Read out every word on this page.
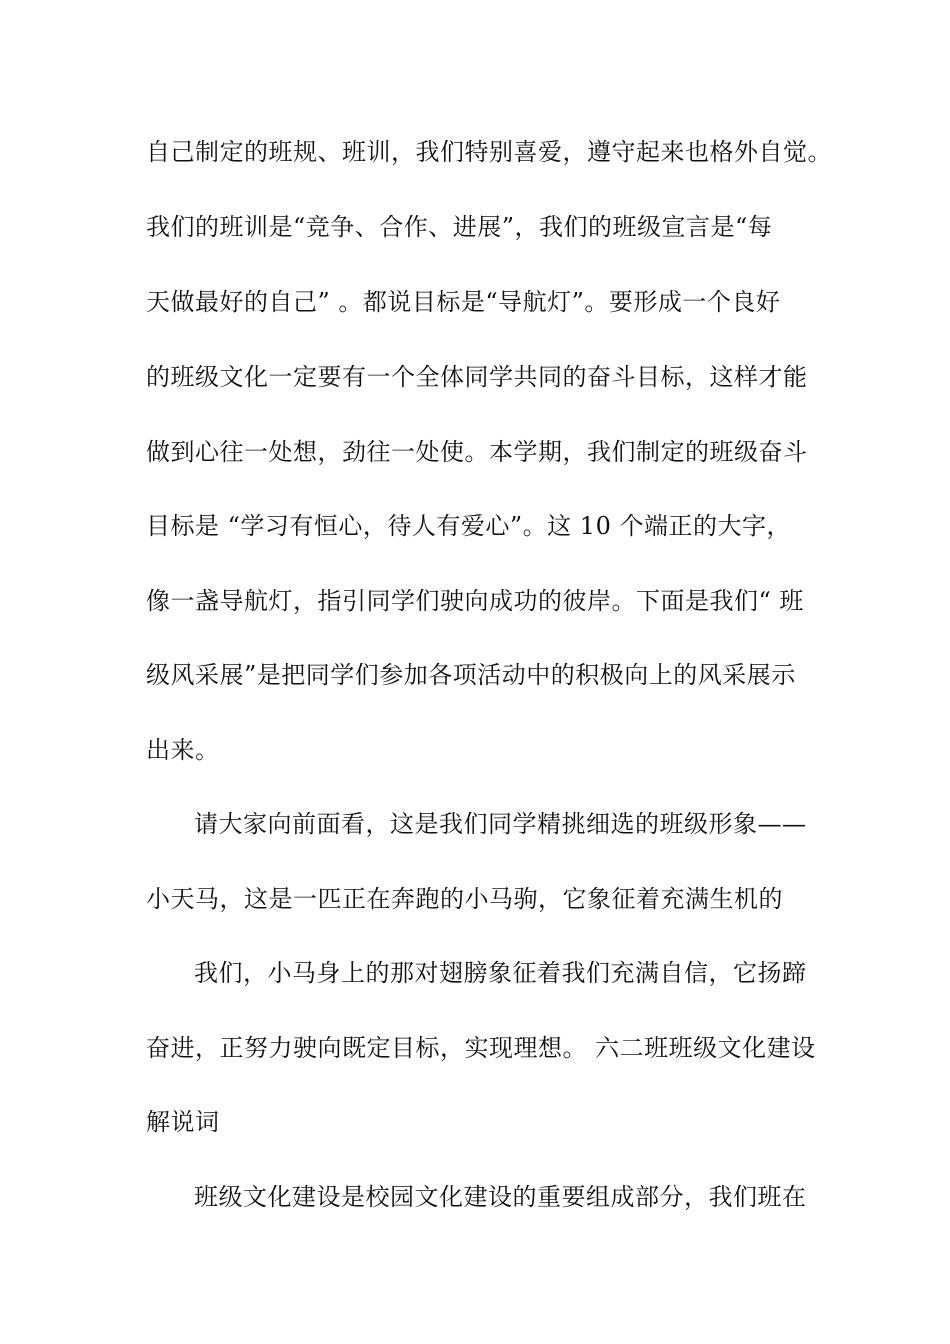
自己制定的班规、班训，我们特别喜爱，遵守起来也格外自觉。
我们的班训是“竞争、合作、进展”，我们的班级宣言是“每
天做最好的自己” 。都说目标是“导航灯”。要形成一个良好
的班级文化一定要有一个全体同学共同的奋斗目标，这样才能
做到心往一处想，劲往一处使。本学期，我们制定的班级奋斗
目标是 “学习有恒心，待人有爱心”。这 10 个端正的大字，
像一盏导航灯，指引同学们驶向成功的彼岸。下面是我们“ 班
级风采展”是把同学们参加各项活动中的积极向上的风采展示
出来。
请大家向前面看，这是我们同学精挑细选的班级形象——
小天马，这是一匹正在奔跑的小马驹，它象征着充满生机的
我们，小马身上的那对翅膀象征着我们充满自信，它扬蹄
奋进，正努力驶向既定目标，实现理想。 六二班班级文化建设
解说词
班级文化建设是校园文化建设的重要组成部分，我们班在
